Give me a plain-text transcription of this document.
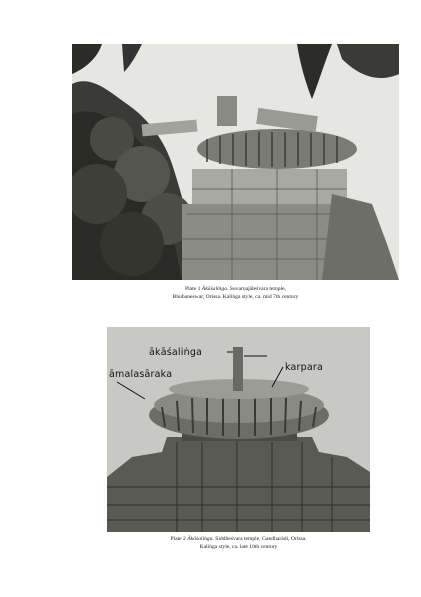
Plate 1 Ākāśaliṅga. Suvarṇajāleśvara temple,
Bhubaneswar, Orissa. Kaliṅga style, ca. mid 7th century
ākāśaliṅga
āmalasāraka
karpara
Plate 2 Ākāśaliṅga. Siddheśvara temple, Gandharādi, Orissa.
Kaliṅga style, ca. late 10th century
